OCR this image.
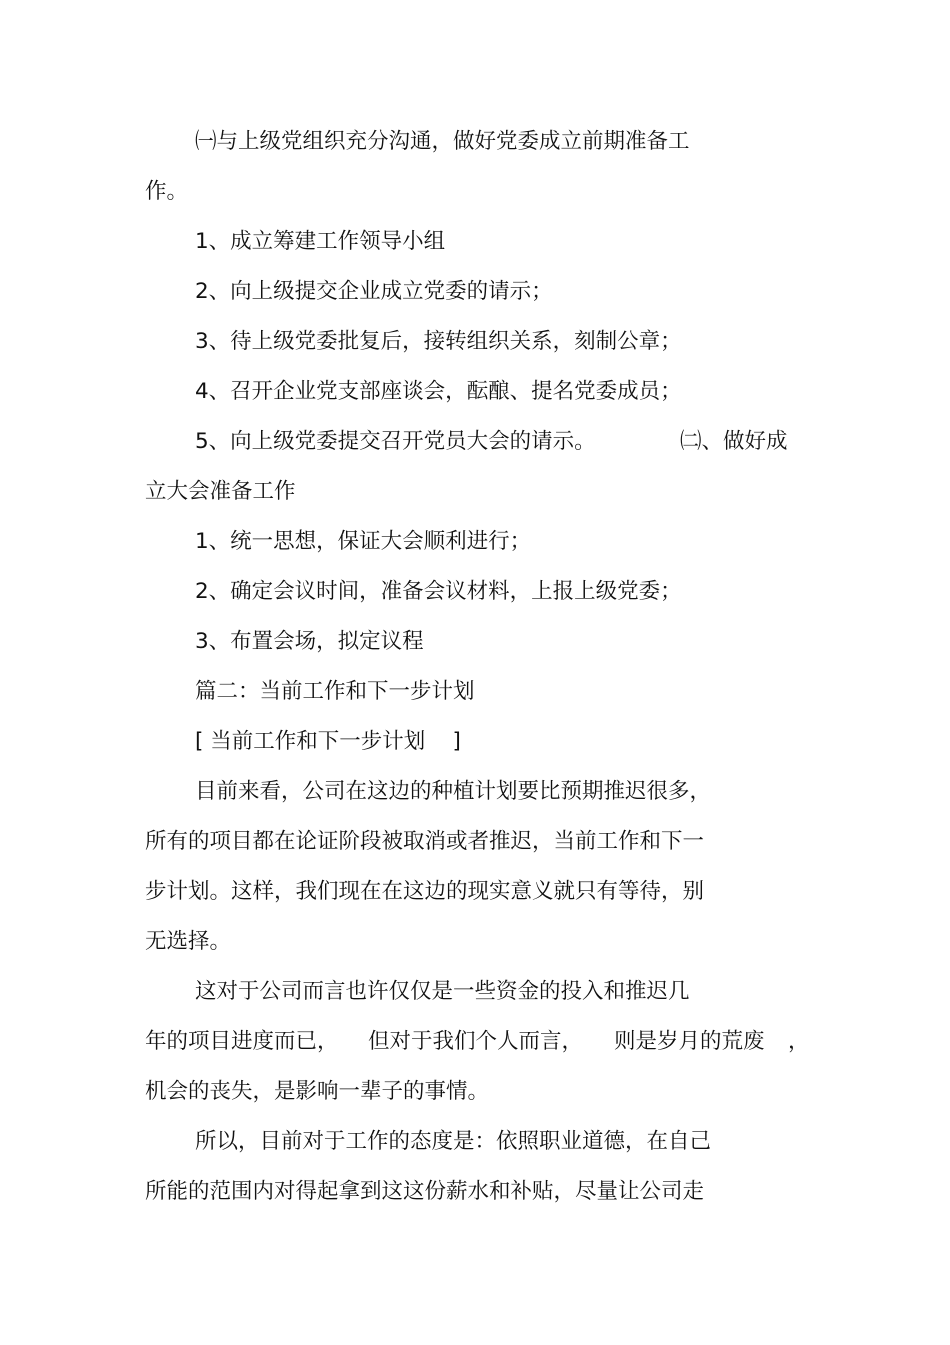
㈠与上级党组织充分沟通，做好党委成立前期准备工

作。

1、成立筹建工作领导小组

2、向上级提交企业成立党委的请示；

3、待上级党委批复后，接转组织关系，刻制公章；

4、召开企业党支部座谈会，酝酿、提名党委成员；

5、向上级党委提交召开党员大会的请示。	㈡、做好成

立大会准备工作

1、统一思想，保证大会顺利进行；

2、确定会议时间，准备会议材料，上报上级党委；

3、布置会场，拟定议程

篇二：当前工作和下一步计划

[ 当前工作和下一步计划    ]

目前来看，公司在这边的种植计划要比预期推迟很多，

所有的项目都在论证阶段被取消或者推迟，当前工作和下一

步计划。这样，我们现在在这边的现实意义就只有等待，别

无选择。

这对于公司而言也许仅仅是一些资金的投入和推迟几

年的项目进度而已， 但对于我们个人而言， 则是岁月的荒废 ，

机会的丧失，是影响一辈子的事情。

所以，目前对于工作的态度是：依照职业道德，在自己

所能的范围内对得起拿到这这份薪水和补贴，尽量让公司走
